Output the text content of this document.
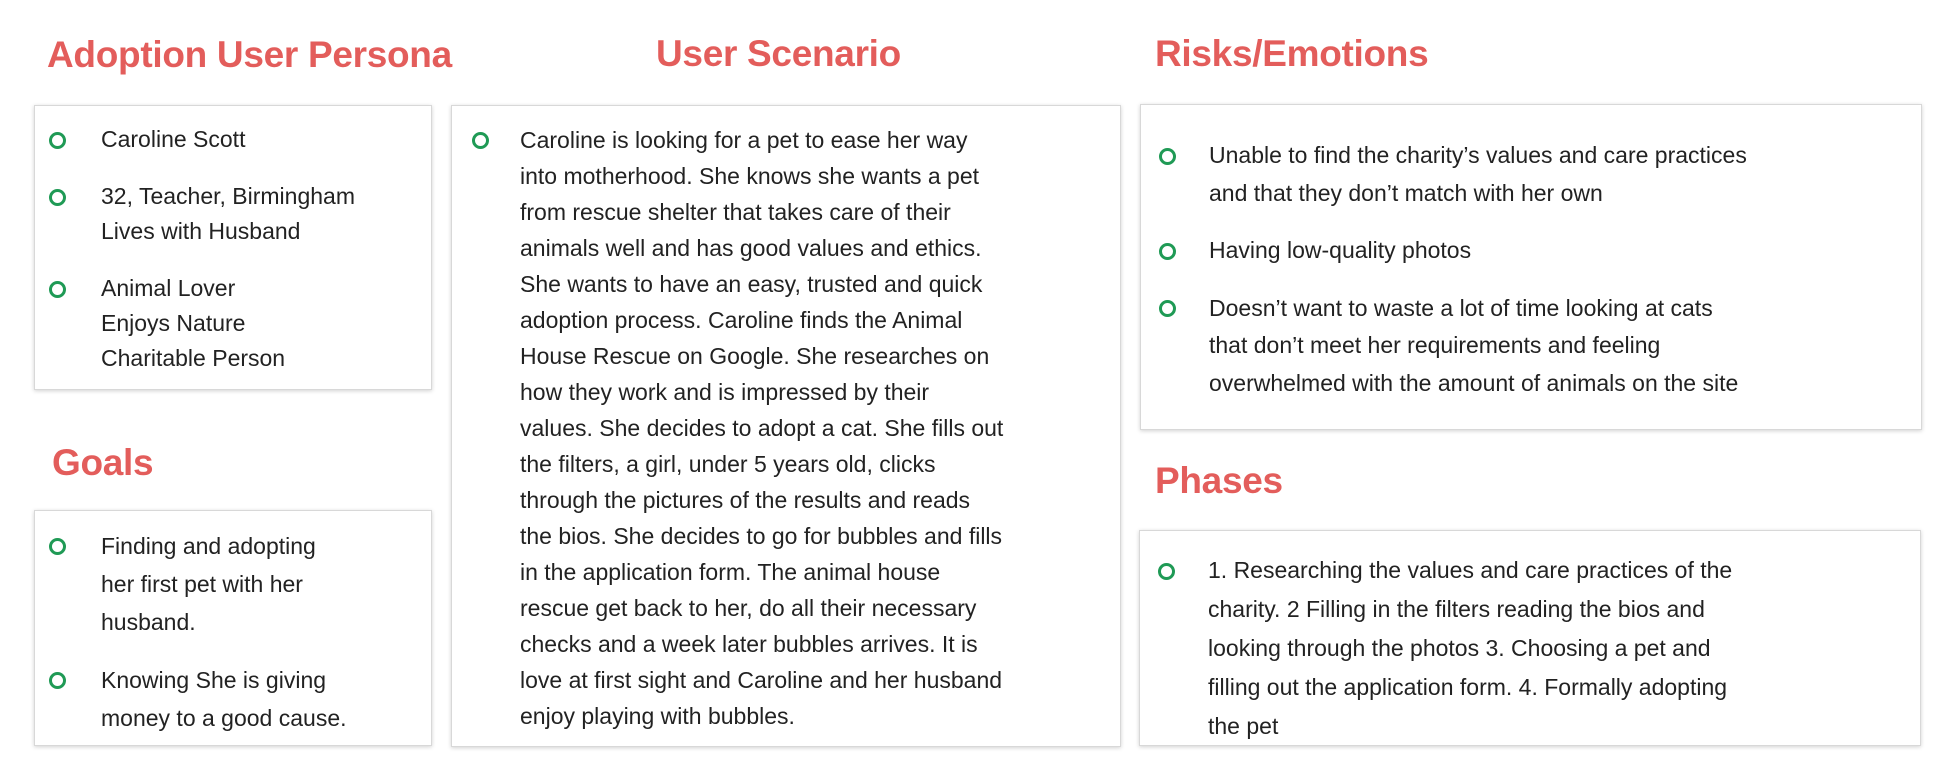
Adoption User Persona	User Scenario	Risks/Emotions
Goals	Phases
Caroline Scott
32, Teacher, Birmingham
Lives with Husband
Animal Lover
Enjoys Nature
Charitable Person
Finding and adopting
her first pet with her
husband.
Knowing She is giving
money to a good cause.
Caroline is looking for a pet to ease her way
into motherhood. She knows she wants a pet
from rescue shelter that takes care of their
animals well and has good values and ethics.
She wants to have an easy, trusted and quick
adoption process. Caroline finds the Animal
House Rescue on Google. She researches on
how they work and is impressed by their
values. She decides to adopt a cat. She fills out
the filters, a girl, under 5 years old, clicks
through the pictures of the results and reads
the bios. She decides to go for bubbles and fills
in the application form. The animal house
rescue get back to her, do all their necessary
checks and a week later bubbles arrives. It is
love at first sight and Caroline and her husband
enjoy playing with bubbles.
Unable to find the charity’s values and care practices
and that they don’t match with her own
Having low-quality photos
Doesn’t want to waste a lot of time looking at cats
that don’t meet her requirements and feeling
overwhelmed with the amount of animals on the site
1. Researching the values and care practices of the
charity. 2 Filling in the filters reading the bios and
looking through the photos 3. Choosing a pet and
filling out the application form. 4. Formally adopting
the pet
